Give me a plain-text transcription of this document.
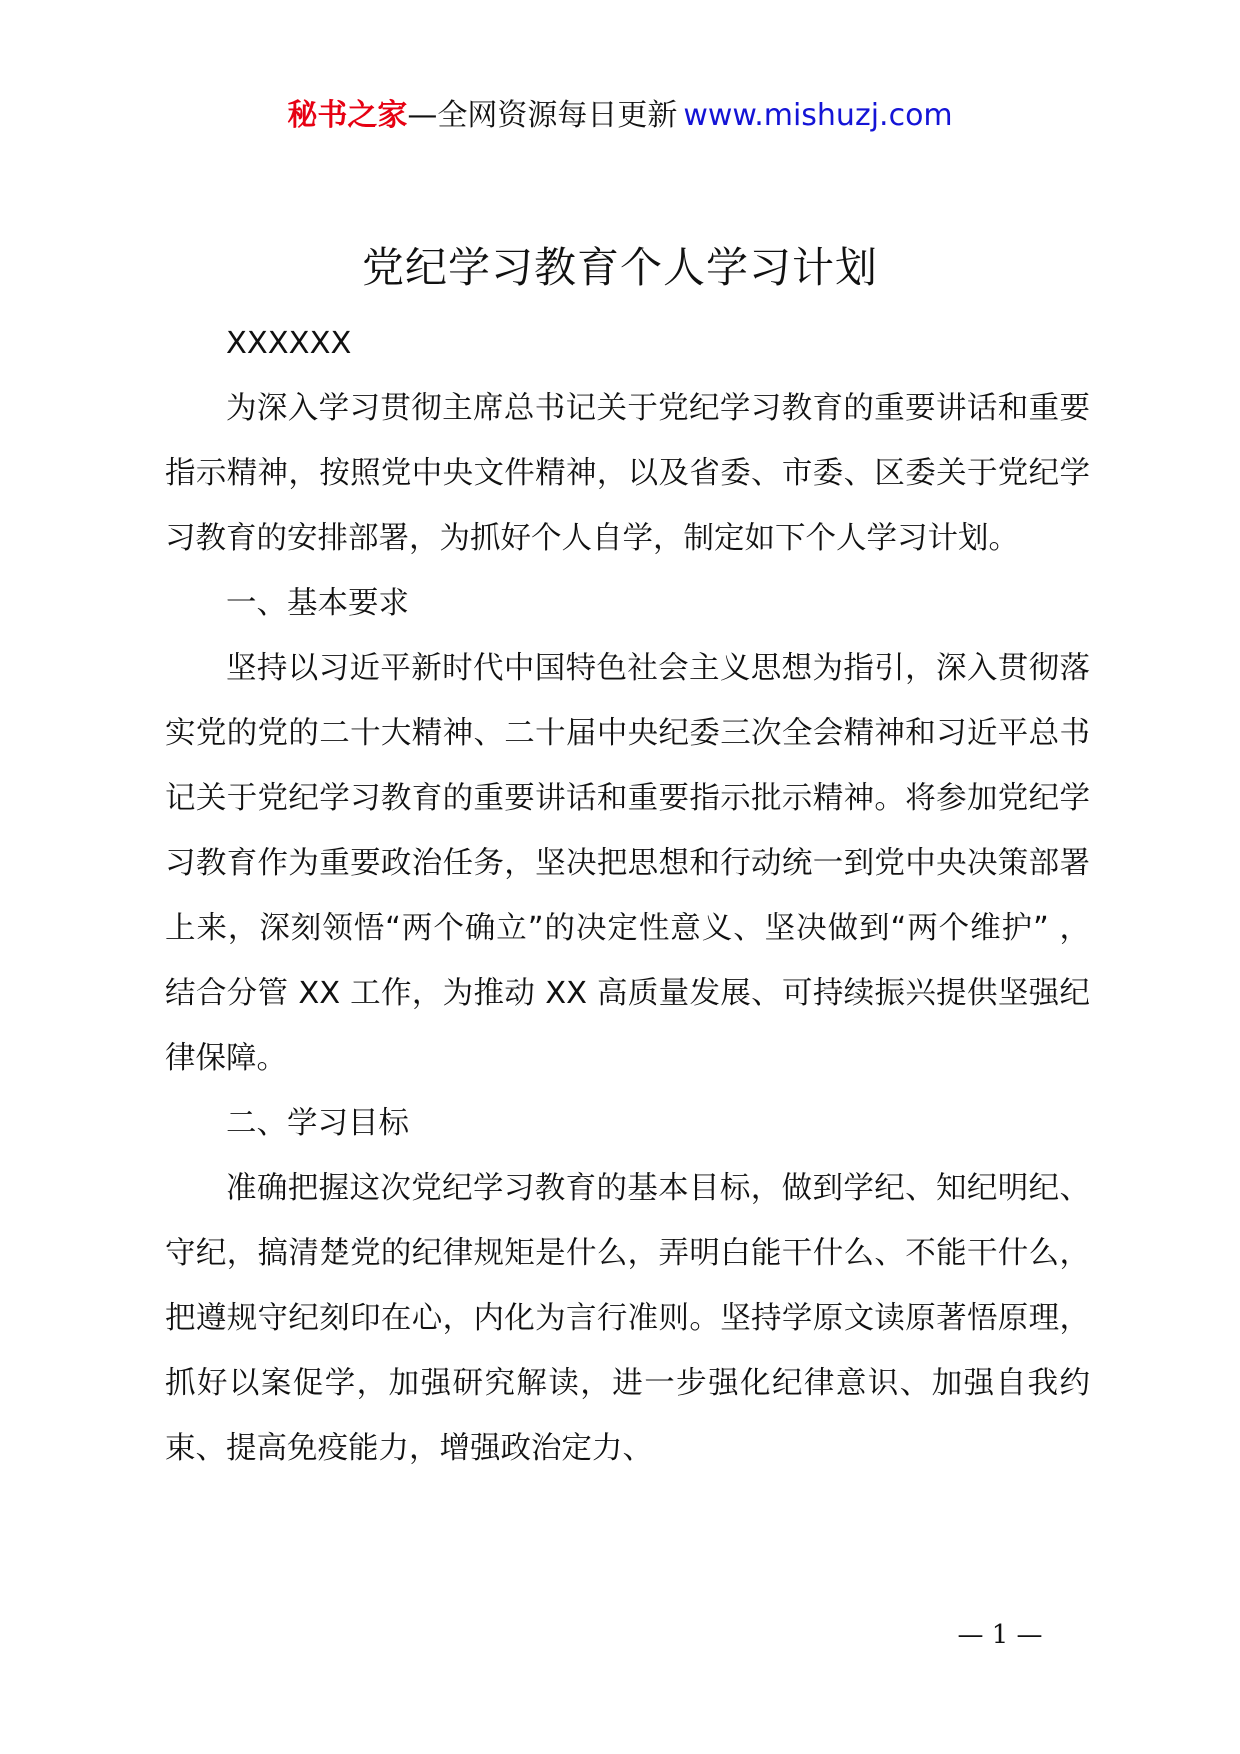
秘书之家—全网资源每日更新 www.mishuzj.com
党纪学习教育个人学习计划

XXXXXX

为深入学习贯彻主席总书记关于党纪学习教育的重要讲话和重要指示精神，按照党中央文件精神，以及省委、市委、区委关于党纪学习教育的安排部署，为抓好个人自学，制定如下个人学习计划。

一、基本要求

坚持以习近平新时代中国特色社会主义思想为指引，深入贯彻落实党的党的二十大精神、二十届中央纪委三次全会精神和习近平总书记关于党纪学习教育的重要讲话和重要指示批示精神。将参加党纪学习教育作为重要政治任务，坚决把思想和行动统一到党中央决策部署上来，深刻领悟“两个确立”的决定性意义、坚决做到“两个维护” ，结合分管 XX 工作，为推动 XX 高质量发展、可持续振兴提供坚强纪律保障。

二、学习目标

准确把握这次党纪学习教育的基本目标，做到学纪、知纪明纪、守纪，搞清楚党的纪律规矩是什么，弄明白能干什么、不能干什么，把遵规守纪刻印在心，内化为言行准则。坚持学原文读原著悟原理，抓好以案促学，加强研究解读，进一步强化纪律意识、加强自我约束、提高免疫能力，增强政治定力、

— 1 —
